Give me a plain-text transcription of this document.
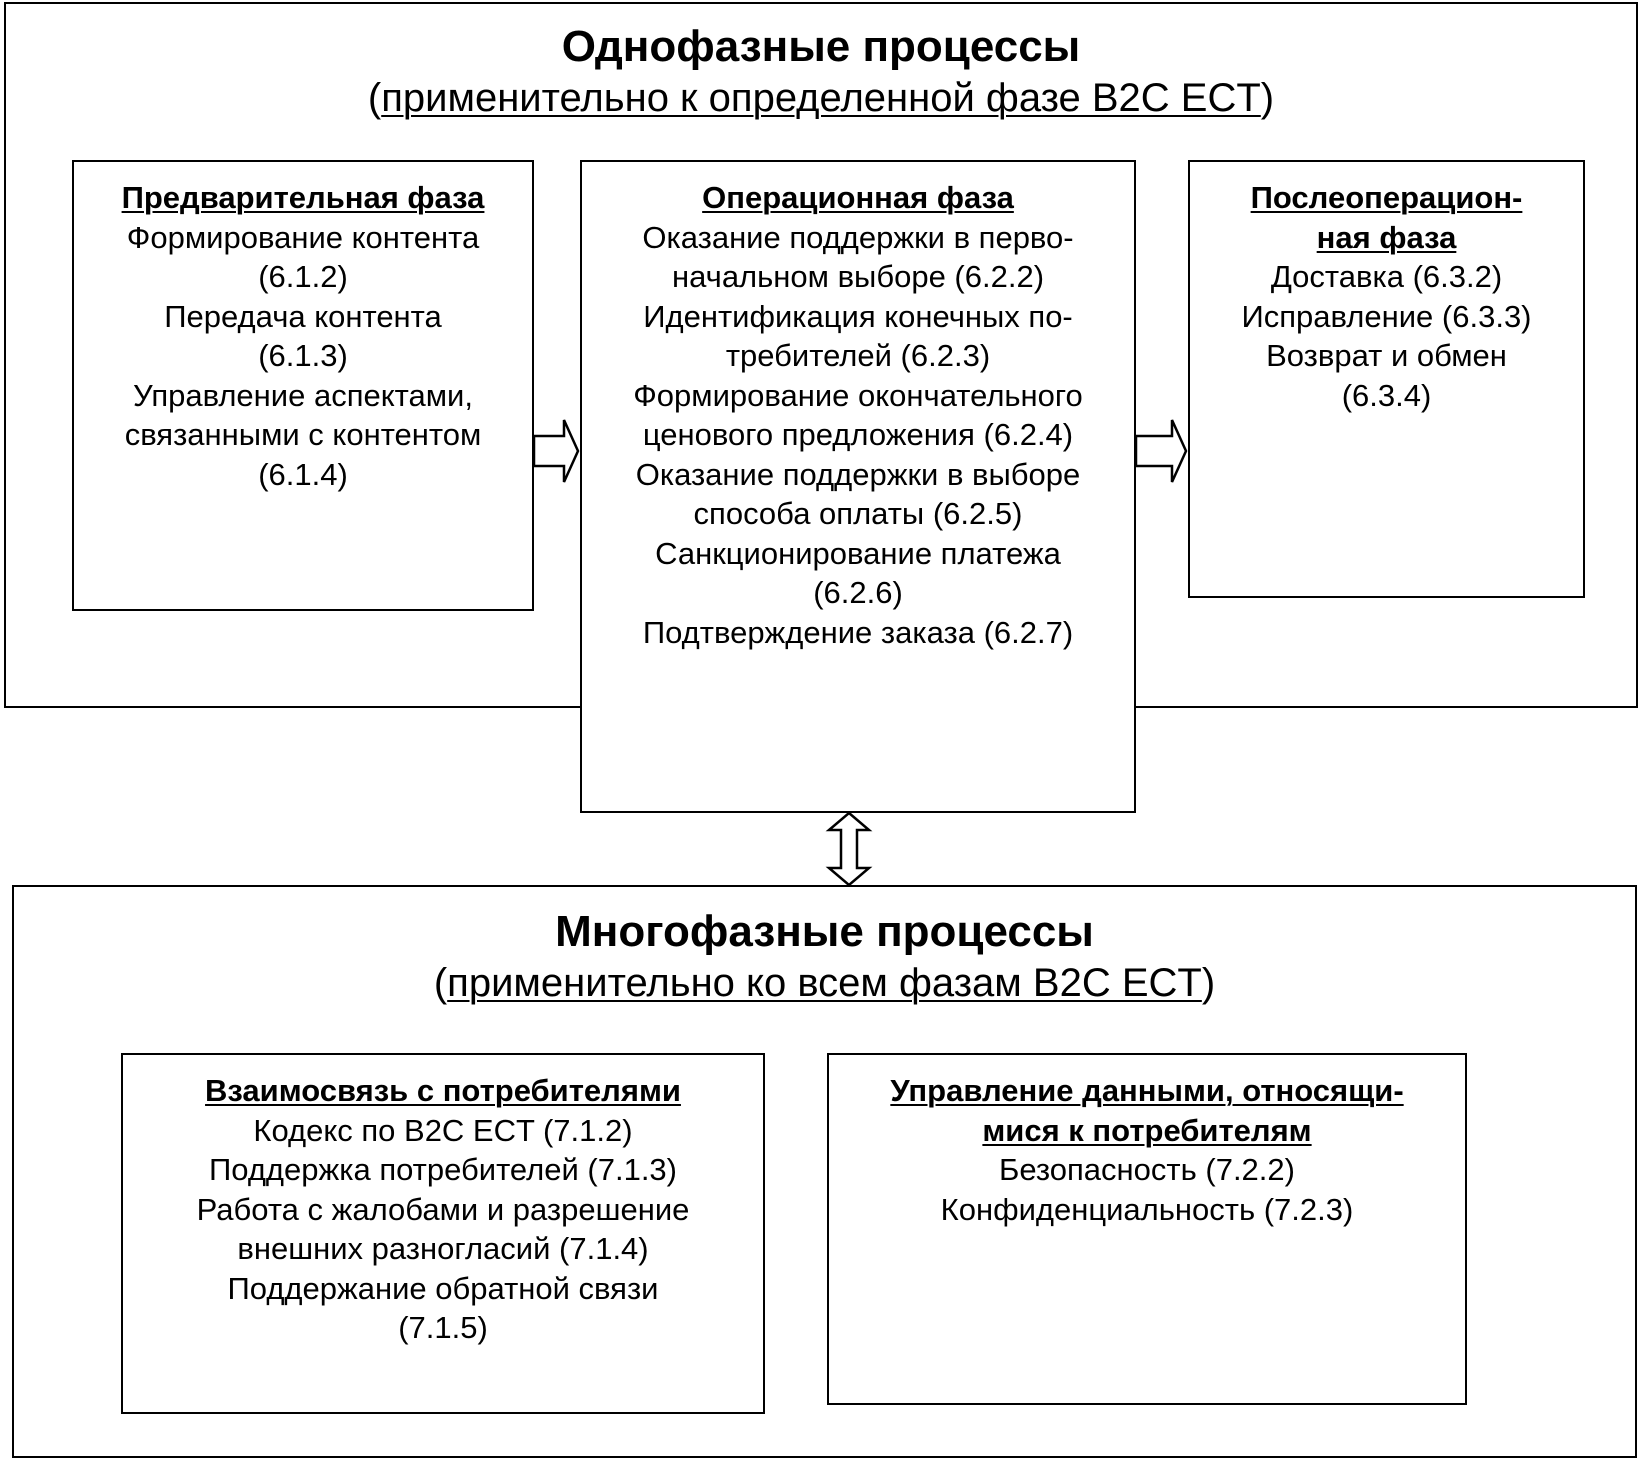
Однофазные процессы
(применительно к определенной фазе B2C ECT)
Многофазные процессы
(применительно ко всем фазам B2C ECT)
Предварительная фаза
Формирование контента
(6.1.2)
Передача контента
(6.1.3)
Управление аспектами,
связанными с контентом
(6.1.4)
Операционная фаза
Оказание поддержки в перво-
начальном выборе (6.2.2)
Идентификация конечных по-
требителей (6.2.3)
Формирование окончательного
ценового предложения (6.2.4)
Оказание поддержки в выборе
способа оплаты (6.2.5)
Санкционирование платежа
(6.2.6)
Подтверждение заказа (6.2.7)
Послеоперацион-
ная фаза
Доставка (6.3.2)
Исправление (6.3.3)
Возврат и обмен
(6.3.4)
Взаимосвязь с потребителями
Кодекс по B2C ECT (7.1.2)
Поддержка потребителей (7.1.3)
Работа с жалобами и разрешение
внешних разногласий (7.1.4)
Поддержание обратной связи
(7.1.5)
Управление данными, относящи-
мися к потребителям
Безопасность (7.2.2)
Конфиденциальность (7.2.3)
